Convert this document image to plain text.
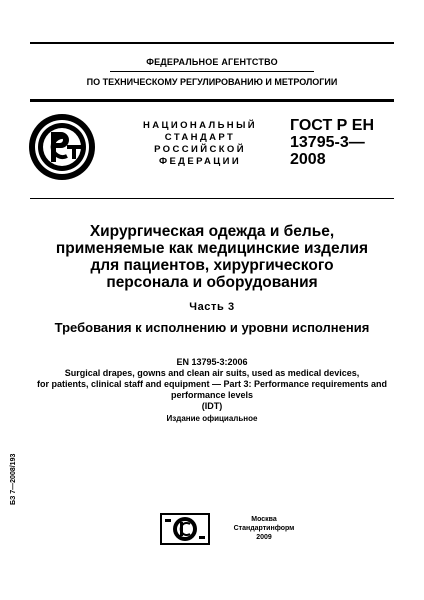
ФЕДЕРАЛЬНОЕ АГЕНТСТВО
ПО ТЕХНИЧЕСКОМУ РЕГУЛИРОВАНИЮ И МЕТРОЛОГИИ
НАЦИОНАЛЬНЫЙ
СТАНДАРТ
РОССИЙСКОЙ
ФЕДЕРАЦИИ
ГОСТ Р ЕН
13795-3—
2008
Хирургическая одежда и белье,
применяемые как медицинские изделия
для пациентов, хирургического
персонала и оборудования
Часть 3
Требования к исполнению и уровни исполнения
EN 13795-3:2006
Surgical drapes, gowns and clean air suits, used as medical devices,
for patients, clinical staff and equipment — Part 3: Performance requirements and
performance levels
(IDT)
Издание официальное
БЗ 7—2008/193
Москва
Стандартинформ
2009
